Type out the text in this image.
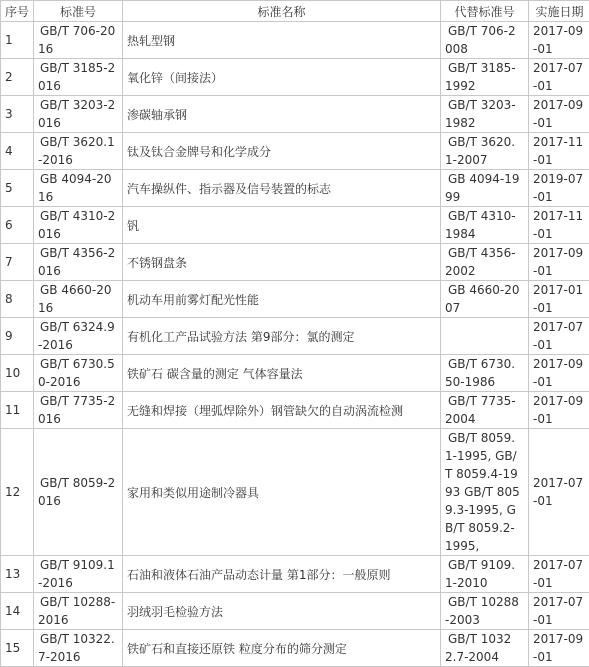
序号	标准号	标准名称	代替标准号	实施日期

1	GB/T 706-2016	热轧型钢	GB/T 706-2008	2017-09-01

2	GB/T 3185-2016	氧化锌（间接法）	GB/T 3185-1992	2017-07-01

3	GB/T 3203-2016	渗碳轴承钢	GB/T 3203-1982	2017-09-01

4	GB/T 3620.1-2016	钛及钛合金牌号和化学成分	GB/T 3620.1-2007	2017-11-01

5	GB 4094-2016	汽车操纵件、指示器及信号装置的标志	GB 4094-1999	2019-07-01

6	GB/T 4310-2016	钒	GB/T 4310-1984	2017-11-01

7	GB/T 4356-2016	不锈钢盘条	GB/T 4356-2002	2017-09-01

8	GB 4660-2016	机动车用前雾灯配光性能	GB 4660-2007	2017-01-01

9	GB/T 6324.9-2016	有机化工产品试验方法 第9部分：氯的测定		2017-07-01

10	GB/T 6730.50-2016	铁矿石 碳含量的测定 气体容量法	GB/T 6730.50-1986	2017-09-01

11	GB/T 7735-2016	无缝和焊接（埋弧焊除外）钢管缺欠的自动涡流检测	GB/T 7735-2004	2017-09-01

12	GB/T 8059-2016	家用和类似用途制冷器具	GB/T 8059.1-1995, GB/T 8059.4-1993 GB/T 8059.3-1995, GB/T 8059.2-1995,	2017-07-01

13	GB/T 9109.1-2016	石油和液体石油产品动态计量 第1部分：一般原则	GB/T 9109.1-2010	2017-07-01

14	GB/T 10288-2016	羽绒羽毛检验方法	GB/T 10288-2003	2017-07-01

15	GB/T 10322.7-2016	铁矿石和直接还原铁 粒度分布的筛分测定	GB/T 10322.7-2004	2017-09-01
